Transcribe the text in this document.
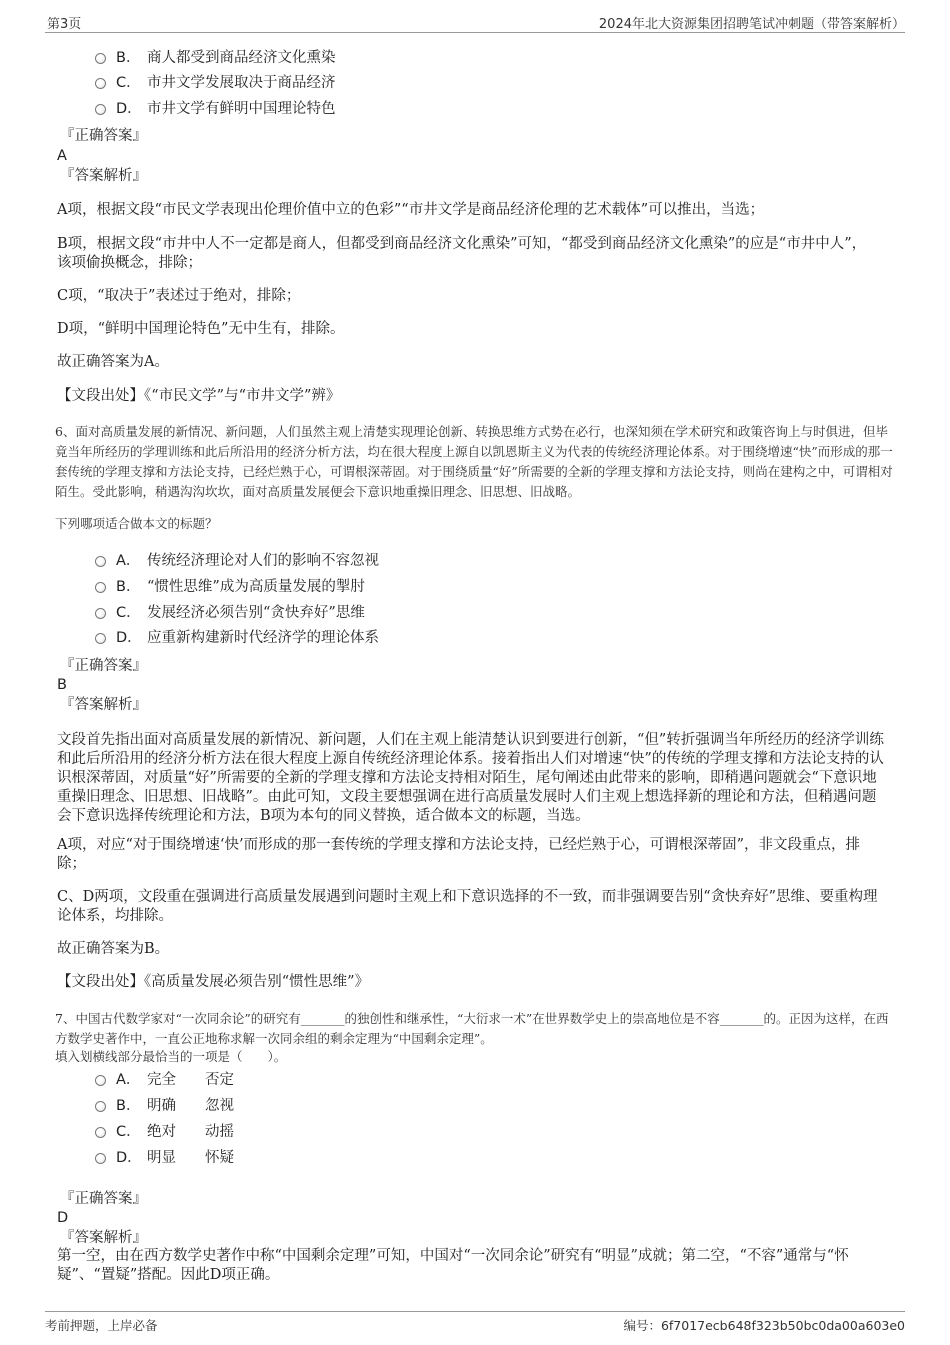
第3页	2024年北大资源集团招聘笔试冲刺题（带答案解析）
B． 商人都受到商品经济文化熏染
C． 市井文学发展取决于商品经济
D． 市井文学有鲜明中国理论特色
『正确答案』
A
『答案解析』
A项，根据文段“市民文学表现出伦理价值中立的色彩”“市井文学是商品经济伦理的艺术载体”可以推出，当选；
B项，根据文段“市井中人不一定都是商人，但都受到商品经济文化熏染”可知，“都受到商品经济文化熏染”的应是“市井中人”，该项偷换概念，排除；
C项，“取决于”表述过于绝对，排除；
D项，“鲜明中国理论特色”无中生有，排除。
故正确答案为A。
【文段出处】《“市民文学”与“市井文学”辨》
6、面对高质量发展的新情况、新问题，人们虽然主观上清楚实现理论创新、转换思维方式势在必行，也深知须在学术研究和政策咨询上与时俱进，但毕竟当年所经历的学理训练和此后所沿用的经济分析方法，均在很大程度上源自以凯恩斯主义为代表的传统经济理论体系。对于围绕增速“快”而形成的那一套传统的学理支撑和方法论支持，已经烂熟于心，可谓根深蒂固。对于围绕质量“好”所需要的全新的学理支撑和方法论支持，则尚在建构之中，可谓相对陌生。受此影响，稍遇沟沟坎坎，面对高质量发展便会下意识地重操旧理念、旧思想、旧战略。
下列哪项适合做本文的标题？
A． 传统经济理论对人们的影响不容忽视
B． “惯性思维”成为高质量发展的掣肘
C． 发展经济必须告别“贪快弃好”思维
D． 应重新构建新时代经济学的理论体系
『正确答案』
B
『答案解析』
文段首先指出面对高质量发展的新情况、新问题，人们在主观上能清楚认识到要进行创新，“但”转折强调当年所经历的经济学训练和此后所沿用的经济分析方法在很大程度上源自传统经济理论体系。接着指出人们对增速“快”的传统的学理支撑和方法论支持的认识根深蒂固，对质量“好”所需要的全新的学理支撑和方法论支持相对陌生，尾句阐述由此带来的影响，即稍遇问题就会“下意识地重操旧理念、旧思想、旧战略”。由此可知，文段主要想强调在进行高质量发展时人们主观上想选择新的理论和方法，但稍遇问题会下意识选择传统理论和方法，B项为本句的同义替换，适合做本文的标题，当选。
A项，对应“对于围绕增速‘快’而形成的那一套传统的学理支撑和方法论支持，已经烂熟于心，可谓根深蒂固”，非文段重点，排除；
C、D两项，文段重在强调进行高质量发展遇到问题时主观上和下意识选择的不一致，而非强调要告别“贪快弃好”思维、要重构理论体系，均排除。
故正确答案为B。
【文段出处】《高质量发展必须告别“惯性思维”》
7、中国古代数学家对“一次同余论”的研究有_______的独创性和继承性，“大衍求一术”在世界数学史上的崇高地位是不容_______的。正因为这样，在西方数学史著作中，一直公正地称求解一次同余组的剩余定理为“中国剩余定理”。
填入划横线部分最恰当的一项是（　　）。
A． 完全 否定
B． 明确 忽视
C． 绝对 动摇
D． 明显 怀疑
『正确答案』
D
『答案解析』
第一空，由在西方数学史著作中称“中国剩余定理”可知，中国对“一次同余论”研究有“明显”成就；第二空，“不容”通常与“怀疑”、“置疑”搭配。因此D项正确。
考前押题，上岸必备	编号：6f7017ecb648f323b50bc0da00a603e0
